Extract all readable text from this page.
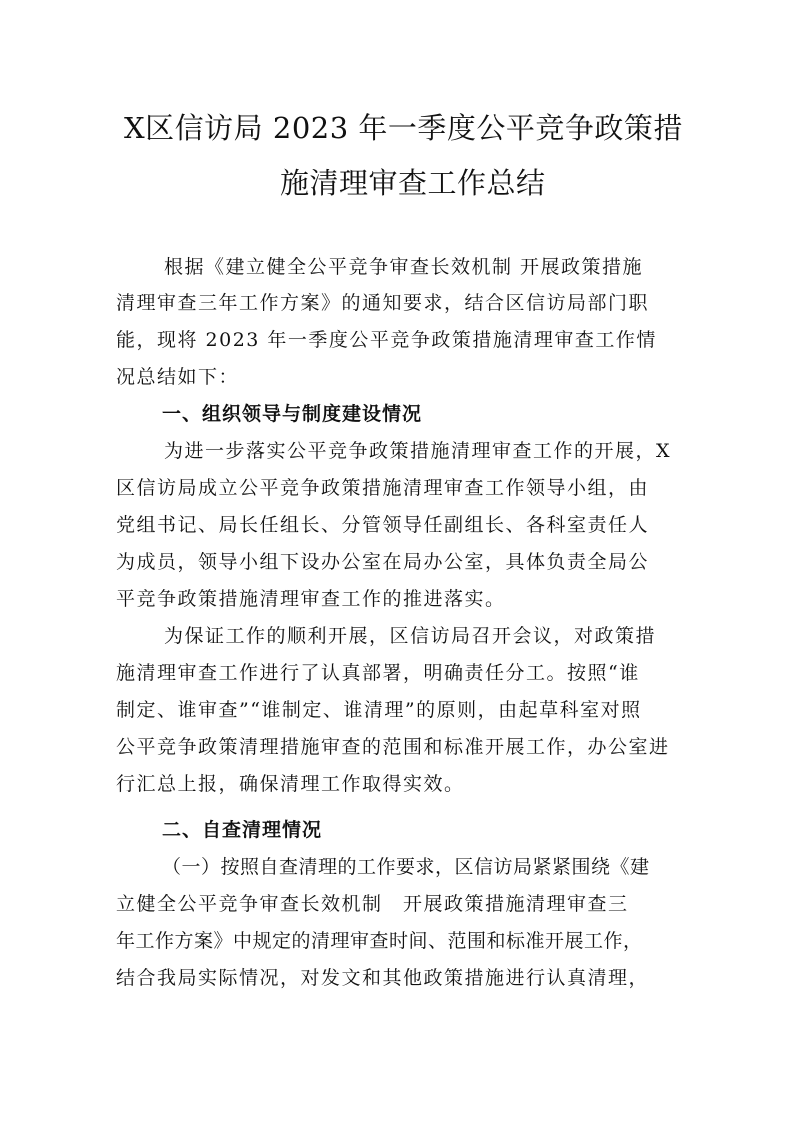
X区信访局 2023 年一季度公平竞争政策措
施清理审查工作总结
根据《建立健全公平竞争审查长效机制 开展政策措施
清理审查三年工作方案》的通知要求，结合区信访局部门职
能，现将 2023 年一季度公平竞争政策措施清理审查工作情
况总结如下：
一、组织领导与制度建设情况
为进一步落实公平竞争政策措施清理审查工作的开展，X
区信访局成立公平竞争政策措施清理审查工作领导小组，由
党组书记、局长任组长、分管领导任副组长、各科室责任人
为成员，领导小组下设办公室在局办公室，具体负责全局公
平竞争政策措施清理审查工作的推进落实。
为保证工作的顺利开展，区信访局召开会议，对政策措
施清理审查工作进行了认真部署，明确责任分工。按照“谁
制定、谁审查”“谁制定、谁清理”的原则，由起草科室对照
公平竞争政策清理措施审查的范围和标准开展工作，办公室进
行汇总上报，确保清理工作取得实效。
二、自查清理情况
（一）按照自查清理的工作要求，区信访局紧紧围绕《建
立健全公平竞争审查长效机制　开展政策措施清理审查三
年工作方案》中规定的清理审查时间、范围和标准开展工作，
结合我局实际情况，对发文和其他政策措施进行认真清理，
